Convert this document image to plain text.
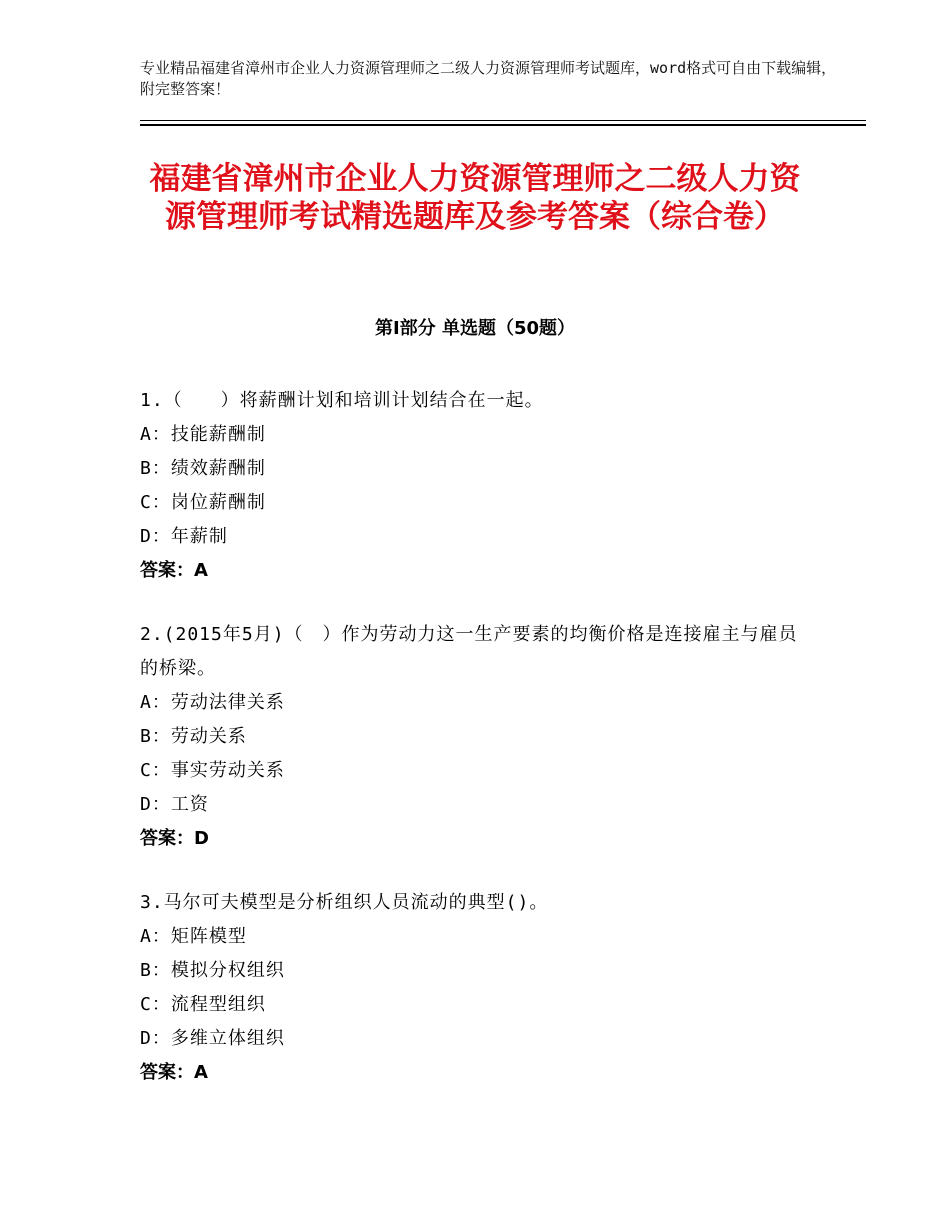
专业精品福建省漳州市企业人力资源管理师之二级人力资源管理师考试题库，word格式可自由下载编辑，附完整答案！
福建省漳州市企业人力资源管理师之二级人力资源管理师考试精选题库及参考答案（综合卷）
第Ⅰ部分 单选题（50题）
1.（　　）将薪酬计划和培训计划结合在一起。
A：技能薪酬制
B：绩效薪酬制
C：岗位薪酬制
D：年薪制
答案：A
2.(2015年5月)（　）作为劳动力这一生产要素的均衡价格是连接雇主与雇员的桥梁。
A：劳动法律关系
B：劳动关系
C：事实劳动关系
D：工资
答案：D
3.马尔可夫模型是分析组织人员流动的典型()。
A：矩阵模型
B：模拟分权组织
C：流程型组织
D：多维立体组织
答案：A
